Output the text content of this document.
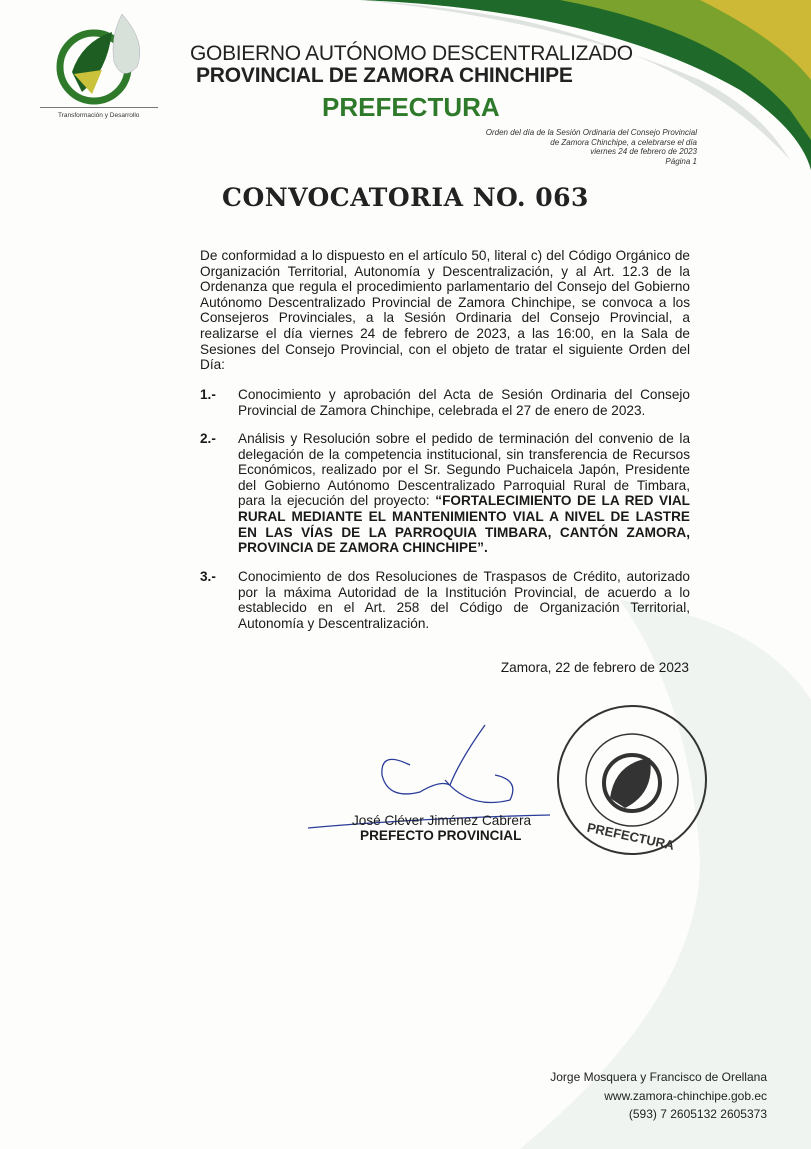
Transformación y Desarrollo
GOBIERNO AUTÓNOMO DESCENTRALIZADO
PROVINCIAL DE ZAMORA CHINCHIPE
PREFECTURA
Orden del día de la Sesión Ordinaria del Consejo Provincial
de Zamora Chinchipe, a celebrarse el día
viernes 24 de febrero de 2023
Página 1
CONVOCATORIA NO. 063
De conformidad a lo dispuesto en el artículo 50, literal c) del Código Orgánico de Organización Territorial, Autonomía y Descentralización, y al Art. 12.3 de la Ordenanza que regula el procedimiento parlamentario del Consejo del Gobierno Autónomo Descentralizado Provincial de Zamora Chinchipe, se convoca a los Consejeros Provinciales, a la Sesión Ordinaria del Consejo Provincial, a realizarse el día viernes 24 de febrero de 2023, a las 16:00, en la Sala de Sesiones del Consejo Provincial, con el objeto de tratar el siguiente Orden del Día:
1.- Conocimiento y aprobación del Acta de Sesión Ordinaria del Consejo Provincial de Zamora Chinchipe, celebrada el 27 de enero de 2023.
2.- Análisis y Resolución sobre el pedido de terminación del convenio de la delegación de la competencia institucional, sin transferencia de Recursos Económicos, realizado por el Sr. Segundo Puchaicela Japón, Presidente del Gobierno Autónomo Descentralizado Parroquial Rural de Timbara, para la ejecución del proyecto: “FORTALECIMIENTO DE LA RED VIAL RURAL MEDIANTE EL MANTENIMIENTO VIAL A NIVEL DE LASTRE EN LAS VÍAS DE LA PARROQUIA TIMBARA, CANTÓN ZAMORA, PROVINCIA DE ZAMORA CHINCHIPE”.
3.- Conocimiento de dos Resoluciones de Traspasos de Crédito, autorizado por la máxima Autoridad de la Institución Provincial, de acuerdo a lo establecido en el Art. 258 del Código de Organización Territorial, Autonomía y Descentralización.
Zamora, 22 de febrero de 2023
José Cléver Jiménez Cabrera
PREFECTO PROVINCIAL	PREFECTURA
Jorge Mosquera y Francisco de Orellana
www.zamora-chinchipe.gob.ec
(593) 7 2605132 2605373
